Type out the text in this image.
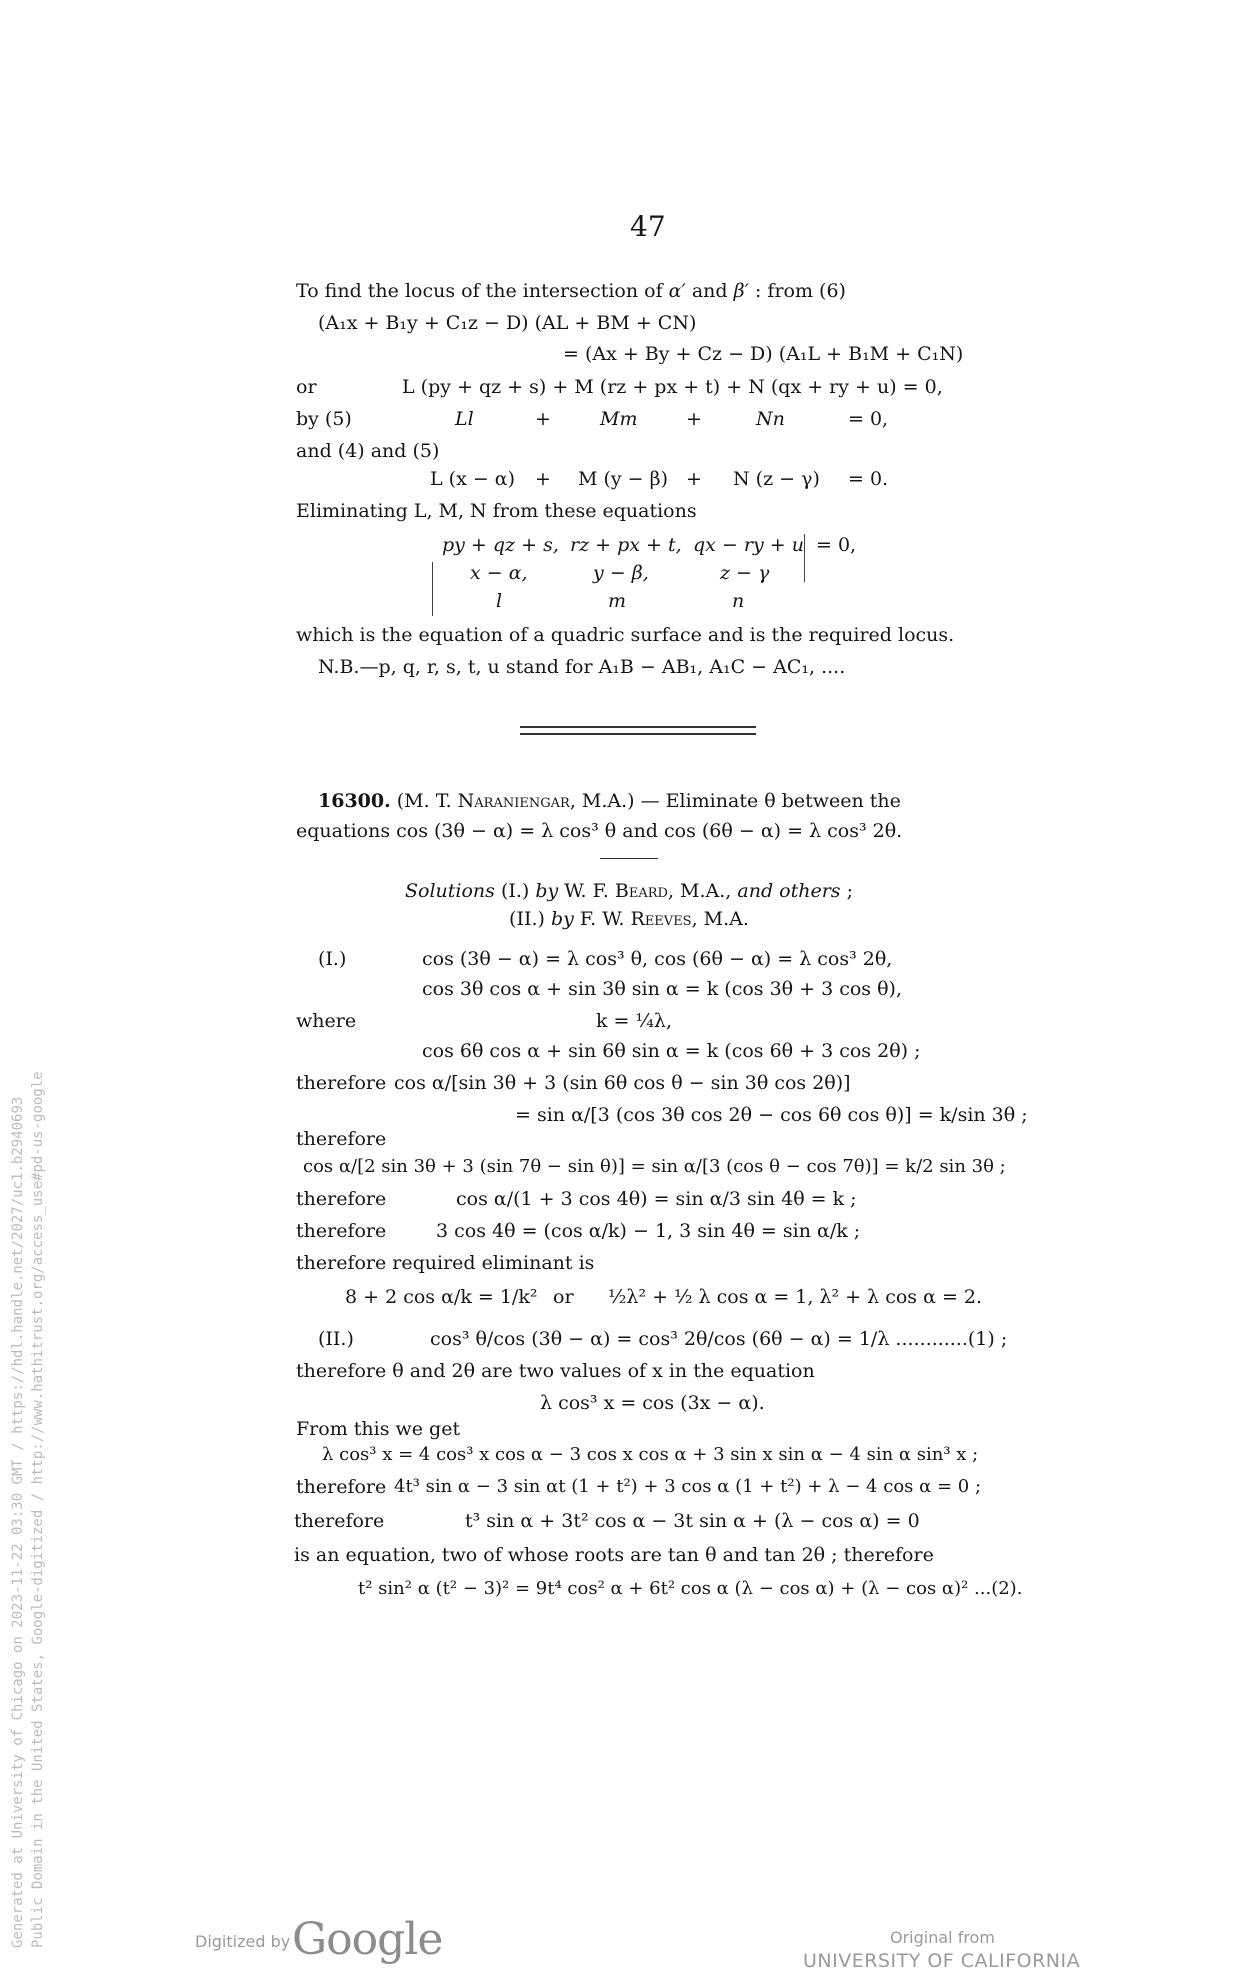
Generated at University of Chicago on 2023-11-22 03:30 GMT / https://hdl.handle.net/2027/uc1.b2940693 Public Domain in the United States, Google-digitized / http://www.hathitrust.org/access_use#pd-us-google
47
To find the locus of the intersection of α′ and β′ : from (6)
(A₁x + B₁y + C₁z − D) (AL + BM + CN)
= (Ax + By + Cz − D) (A₁L + B₁M + C₁N)
or	L (py + qz + s) + M (rz + px + t) + N (qx + ry + u) = 0,
by (5)	Ll	+	Mm	+	Nn	= 0,
and (4) and (5)
L (x − α) + M (y − β) + N (z − γ) = 0.
Eliminating L, M, N from these equations
py + qz + s, rz + px + t, qx − ry + u = 0,
x − α,	y − β,	z − γ
l	m	n
which is the equation of a quadric surface and is the required locus.
N.B.—p, q, r, s, t, u stand for A₁B − AB₁, A₁C − AC₁, ....
16300. (M. T. Naraniengar, M.A.) — Eliminate θ between the
equations cos (3θ − α) = λ cos³ θ and cos (6θ − α) = λ cos³ 2θ.
Solutions (I.) by W. F. Beard, M.A., and others ;
(II.) by F. W. Reeves, M.A.
(I.)	cos (3θ − α) = λ cos³ θ, cos (6θ − α) = λ cos³ 2θ,
cos 3θ cos α + sin 3θ sin α = k (cos 3θ + 3 cos θ),
where	k = ¼λ,
cos 6θ cos α + sin 6θ sin α = k (cos 6θ + 3 cos 2θ) ;
therefore cos α/[sin 3θ + 3 (sin 6θ cos θ − sin 3θ cos 2θ)]
= sin α/[3 (cos 3θ cos 2θ − cos 6θ cos θ)] = k/sin 3θ ;
therefore
cos α/[2 sin 3θ + 3 (sin 7θ − sin θ)] = sin α/[3 (cos θ − cos 7θ)] = k/2 sin 3θ ;
therefore	cos α/(1 + 3 cos 4θ) = sin α/3 sin 4θ = k ;
therefore	3 cos 4θ = (cos α/k) − 1, 3 sin 4θ = sin α/k ;
therefore required eliminant is
8 + 2 cos α/k = 1/k² or ½λ² + ½ λ cos α = 1, λ² + λ cos α = 2.
(II.)	cos³ θ/cos (3θ − α) = cos³ 2θ/cos (6θ − α) = 1/λ ............(1) ;
therefore θ and 2θ are two values of x in the equation
λ cos³ x = cos (3x − α).
From this we get
λ cos³ x = 4 cos³ x cos α − 3 cos x cos α + 3 sin x sin α − 4 sin α sin³ x ;
therefore 4t³ sin α − 3 sin αt (1 + t²) + 3 cos α (1 + t²) + λ − 4 cos α = 0 ;
therefore	t³ sin α + 3t² cos α − 3t sin α + (λ − cos α) = 0
is an equation, two of whose roots are tan θ and tan 2θ ; therefore
t² sin² α (t² − 3)² = 9t⁴ cos² α + 6t² cos α (λ − cos α) + (λ − cos α)² ...(2).
Digitized by Google	Original from
UNIVERSITY OF CALIFORNIA
